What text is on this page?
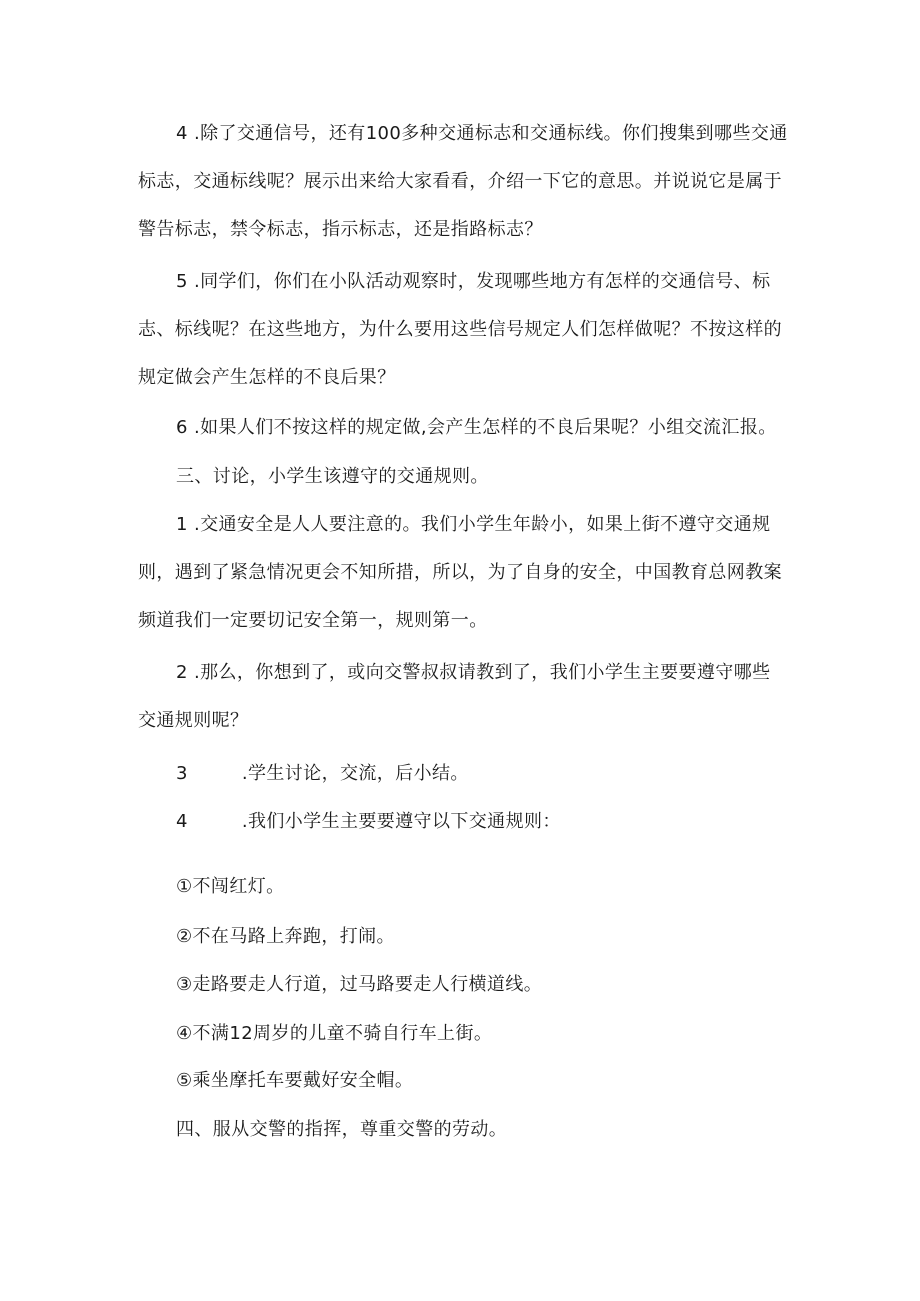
4 .除了交通信号，还有100多种交通标志和交通标线。你们搜集到哪些交通标志，交通标线呢？展示出来给大家看看，介绍一下它的意思。并说说它是属于警告标志，禁令标志，指示标志，还是指路标志？

5 .同学们，你们在小队活动观察时，发现哪些地方有怎样的交通信号、标志、标线呢？在这些地方，为什么要用这些信号规定人们怎样做呢？不按这样的规定做会产生怎样的不良后果？

6 .如果人们不按这样的规定做,会产生怎样的不良后果呢？小组交流汇报。

三、讨论，小学生该遵守的交通规则。

1 .交通安全是人人要注意的。我们小学生年龄小，如果上街不遵守交通规则，遇到了紧急情况更会不知所措，所以，为了自身的安全，中国教育总网教案频道我们一定要切记安全第一，规则第一。

2 .那么，你想到了，或向交警叔叔请教到了，我们小学生主要要遵守哪些交通规则呢？

3	.学生讨论，交流，后小结。

4	.我们小学生主要要遵守以下交通规则：

①不闯红灯。

②不在马路上奔跑，打闹。

③走路要走人行道，过马路要走人行横道线。

④不满12周岁的儿童不骑自行车上街。

⑤乘坐摩托车要戴好安全帽。

四、服从交警的指挥，尊重交警的劳动。
